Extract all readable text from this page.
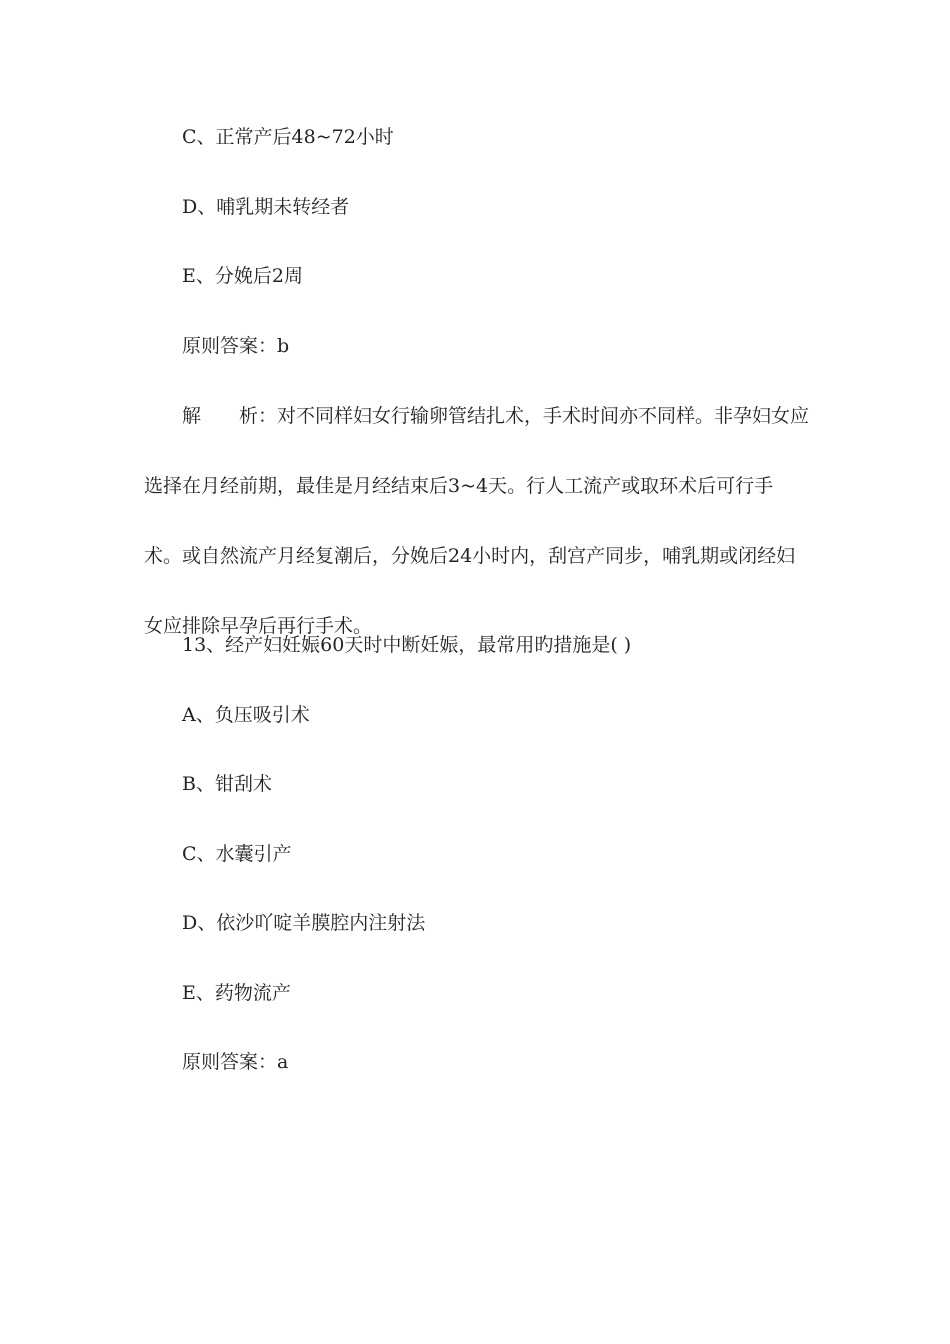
C、正常产后48~72小时
D、哺乳期未转经者
E、分娩后2周
原则答案：b
解 析：对不同样妇女行输卵管结扎术，手术时间亦不同样。非孕妇女应选择在月经前期，最佳是月经结束后3~4天。行人工流产或取环术后可行手术。或自然流产月经复潮后，分娩后24小时内，刮宫产同步，哺乳期或闭经妇女应排除早孕后再行手术。
13、经产妇妊娠60天时中断妊娠，最常用旳措施是( )
A、负压吸引术
B、钳刮术
C、水囊引产
D、依沙吖啶羊膜腔内注射法
E、药物流产
原则答案：a
